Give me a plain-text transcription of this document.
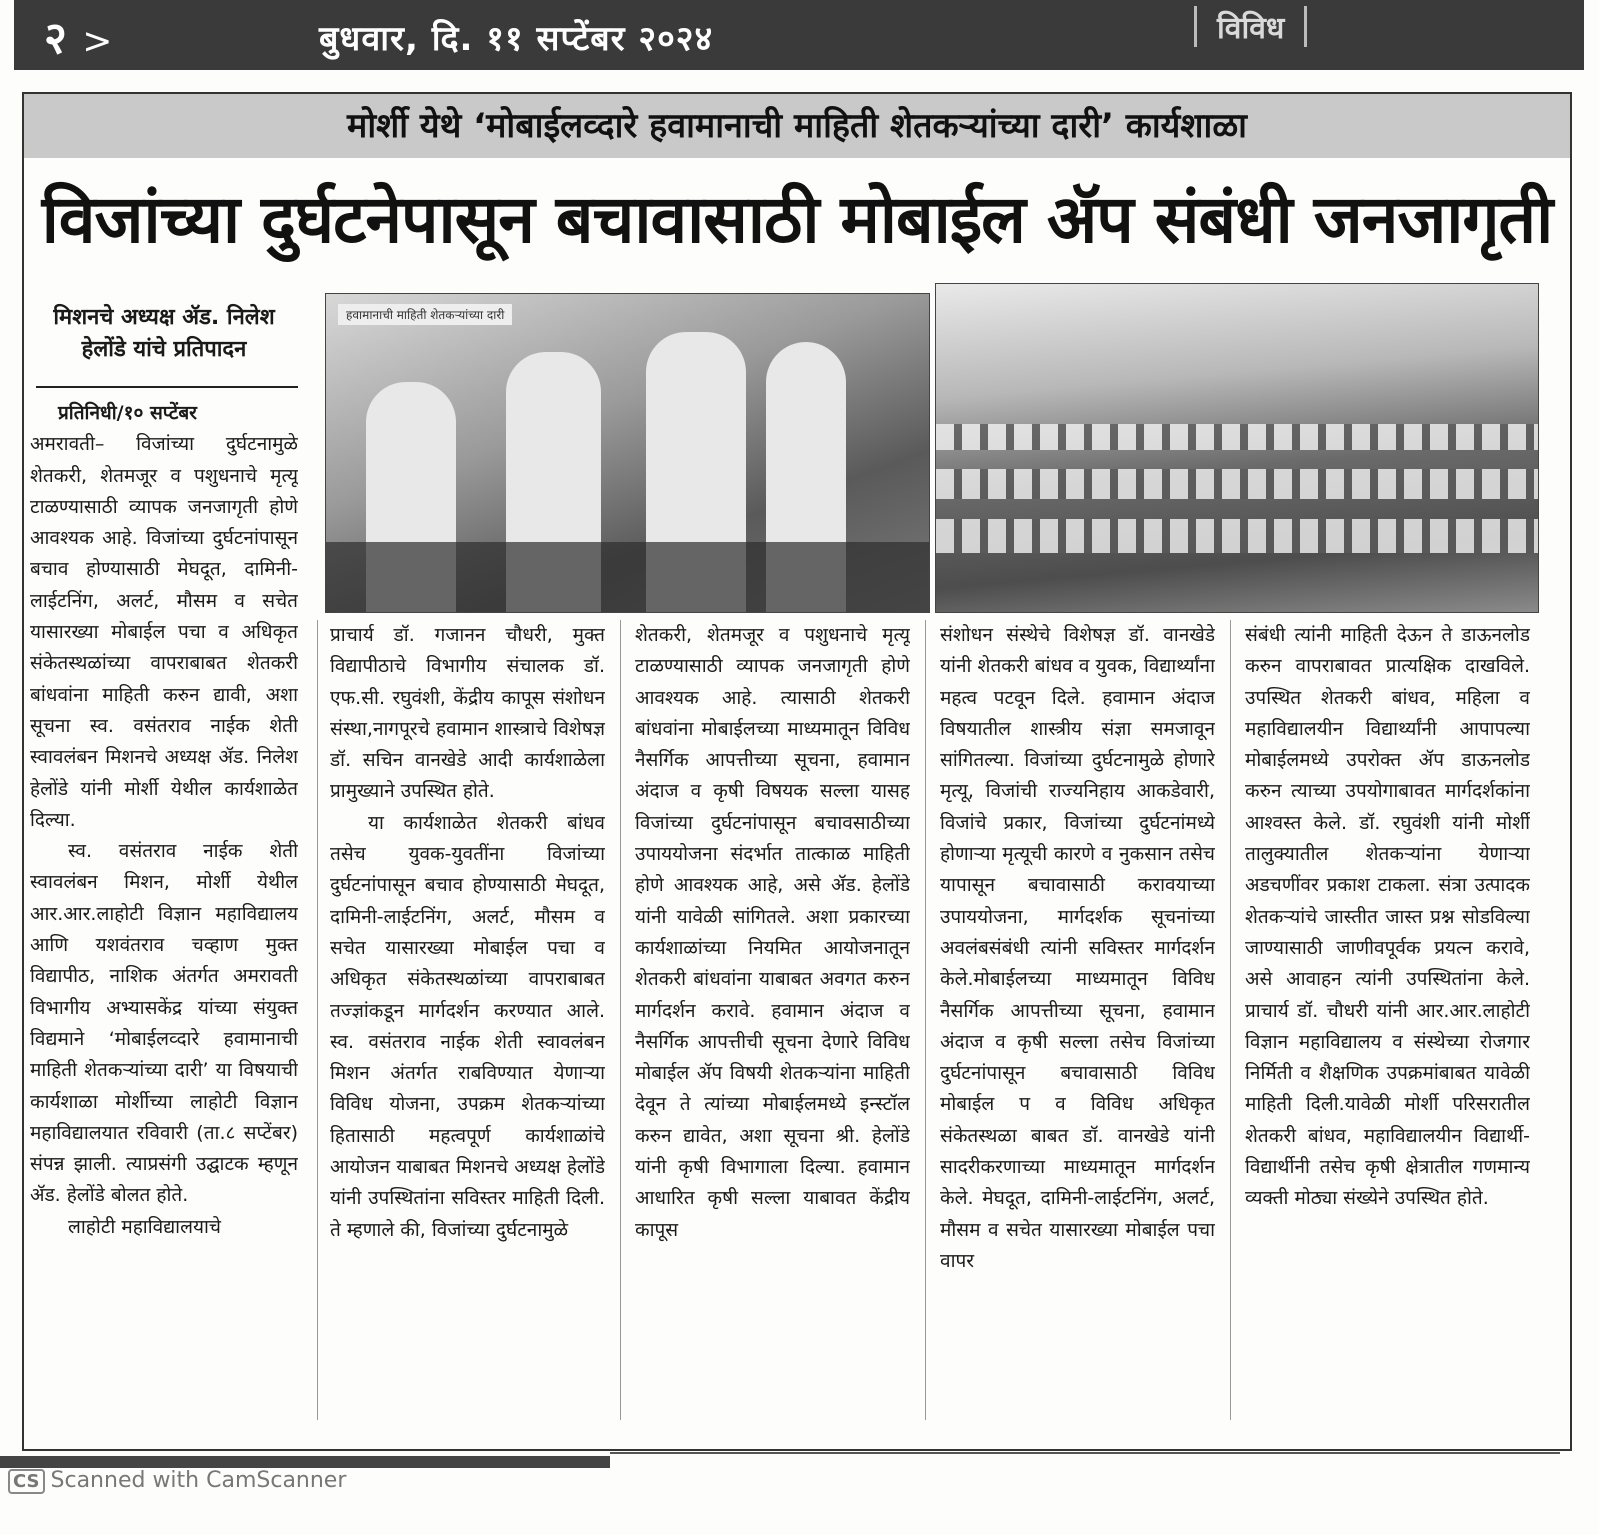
२ >	बुधवार, दि. ११ सप्टेंबर २०२४	विविध
मोर्शी येथे ‘मोबाईलव्दारे हवामानाची माहिती शेतकऱ्यांच्या दारी’ कार्यशाळा
विजांच्या दुर्घटनेपासून बचावासाठी मोबाईल ॲप संबंधी जनजागृती
मिशनचे अध्यक्ष ॲड. निलेश हेलोंडे यांचे प्रतिपादन
हवामानाची माहिती शेतकऱ्यांच्या दारी

प्रतिनिधी/१० सप्टेंबर

अमरावती– विजांच्या दुर्घटनामुळे शेतकरी, शेतमजूर व पशुधनाचे मृत्यू टाळण्यासाठी व्यापक जनजागृती होणे आवश्यक आहे. विजांच्या दुर्घटनांपासून बचाव होण्यासाठी मेघदूत, दामिनी-लाईटनिंग, अलर्ट, मौसम व सचेत यासारख्या मोबाईल पचा व अधिकृत संकेतस्थळांच्या वापराबाबत शेतकरी बांधवांना माहिती करुन द्यावी, अशा सूचना स्व. वसंतराव नाईक शेती स्वावलंबन मिशनचे अध्यक्ष ॲड. निलेश हेलोंडे यांनी मोर्शी येथील कार्यशाळेत दिल्या.

स्व. वसंतराव नाईक शेती स्वावलंबन मिशन, मोर्शी येथील आर.आर.लाहोटी विज्ञान महाविद्यालय आणि यशवंतराव चव्हाण मुक्त विद्यापीठ, नाशिक अंतर्गत अमरावती विभागीय अभ्यासकेंद्र यांच्या संयुक्त विद्यमाने ‘मोबाईलव्दारे हवामानाची माहिती शेतकऱ्यांच्या दारी’ या विषयाची कार्यशाळा मोर्शीच्या लाहोटी विज्ञान महाविद्यालयात रविवारी (ता.८ सप्टेंबर) संपन्न झाली. त्याप्रसंगी उद्घाटक म्हणून ॲड. हेलोंडे बोलत होते.

लाहोटी महाविद्यालयाचे

प्राचार्य डॉ. गजानन चौधरी, मुक्त विद्यापीठाचे विभागीय संचालक डॉ. एफ.सी. रघुवंशी, केंद्रीय कापूस संशोधन संस्था,नागपूरचे हवामान शास्त्राचे विशेषज्ञ डॉ. सचिन वानखेडे आदी कार्यशाळेला प्रामुख्याने उपस्थित होते.

या कार्यशाळेत शेतकरी बांधव तसेच युवक-युवतींना विजांच्या दुर्घटनांपासून बचाव होण्यासाठी मेघदूत, दामिनी-लाईटनिंग, अलर्ट, मौसम व सचेत यासारख्या मोबाईल पचा व अधिकृत संकेतस्थळांच्या वापराबाबत तज्ज्ञांकडून मार्गदर्शन करण्यात आले. स्व. वसंतराव नाईक शेती स्वावलंबन मिशन अंतर्गत राबविण्यात येणाऱ्या विविध योजना, उपक्रम शेतकऱ्यांच्या हितासाठी महत्वपूर्ण कार्यशाळांचे आयोजन याबाबत मिशनचे अध्यक्ष हेलोंडे यांनी उपस्थितांना सविस्तर माहिती दिली. ते म्हणाले की, विजांच्या दुर्घटनामुळे

शेतकरी, शेतमजूर व पशुधनाचे मृत्यू टाळण्यासाठी व्यापक जनजागृती होणे आवश्यक आहे. त्यासाठी शेतकरी बांधवांना मोबाईलच्या माध्यमातून विविध नैसर्गिक आपत्तीच्या सूचना, हवामान अंदाज व कृषी विषयक सल्ला यासह विजांच्या दुर्घटनांपासून बचावसाठीच्या उपाययोजना संदर्भात तात्काळ माहिती होणे आवश्यक आहे, असे ॲड. हेलोंडे यांनी यावेळी सांगितले. अशा प्रकारच्या कार्यशाळांच्या नियमित आयोजनातून शेतकरी बांधवांना याबाबत अवगत करुन मार्गदर्शन करावे. हवामान अंदाज व नैसर्गिक आपत्तीची सूचना देणारे विविध मोबाईल ॲप विषयी शेतकऱ्यांना माहिती देवून ते त्यांच्या मोबाईलमध्ये इन्स्टॉल करुन द्यावेत, अशा सूचना श्री. हेलोंडे यांनी कृषी विभागाला दिल्या. हवामान आधारित कृषी सल्ला याबावत केंद्रीय कापूस

संशोधन संस्थेचे विशेषज्ञ डॉ. वानखेडे यांनी शेतकरी बांधव व युवक, विद्यार्थ्यांना महत्व पटवून दिले. हवामान अंदाज विषयातील शास्त्रीय संज्ञा समजावून सांगितल्या. विजांच्या दुर्घटनामुळे होणारे मृत्यू, विजांची राज्यनिहाय आकडेवारी, विजांचे प्रकार, विजांच्या दुर्घटनांमध्ये होणाऱ्या मृत्यूची कारणे व नुकसान तसेच यापासून बचावासाठी करावयाच्या उपाययोजना, मार्गदर्शक सूचनांच्या अवलंबसंबंधी त्यांनी सविस्तर मार्गदर्शन केले.मोबाईलच्या माध्यमातून विविध नैसर्गिक आपत्तीच्या सूचना, हवामान अंदाज व कृषी सल्ला तसेच विजांच्या दुर्घटनांपासून बचावासाठी विविध मोबाईल प व विविध अधिकृत संकेतस्थळा बाबत डॉ. वानखेडे यांनी सादरीकरणाच्या माध्यमातून मार्गदर्शन केले. मेघदूत, दामिनी-लाईटनिंग, अलर्ट, मौसम व सचेत यासारख्या मोबाईल पचा वापर

संबंधी त्यांनी माहिती देऊन ते डाऊनलोड करुन वापराबावत प्रात्यक्षिक दाखविले. उपस्थित शेतकरी बांधव, महिला व महाविद्यालयीन विद्यार्थ्यांनी आपापल्या मोबाईलमध्ये उपरोक्त ॲप डाऊनलोड करुन त्याच्या उपयोगाबावत मार्गदर्शकांना आश्वस्त केले. डॉ. रघुवंशी यांनी मोर्शी तालुक्यातील शेतकऱ्यांना येणाऱ्या अडचणींवर प्रकाश टाकला. संत्रा उत्पादक शेतकऱ्यांचे जास्तीत जास्त प्रश्न सोडविल्या जाण्यासाठी जाणीवपूर्वक प्रयत्न करावे, असे आवाहन त्यांनी उपस्थितांना केले. प्राचार्य डॉ. चौधरी यांनी आर.आर.लाहोटी विज्ञान महाविद्यालय व संस्थेच्या रोजगार निर्मिती व शैक्षणिक उपक्रमांबाबत यावेळी माहिती दिली.यावेळी मोर्शी परिसरातील शेतकरी बांधव, महाविद्यालयीन विद्यार्थी- विद्यार्थीनी तसेच कृषी क्षेत्रातील गणमान्य व्यक्ती मोठ्या संख्येने उपस्थित होते.

CS Scanned with CamScanner
